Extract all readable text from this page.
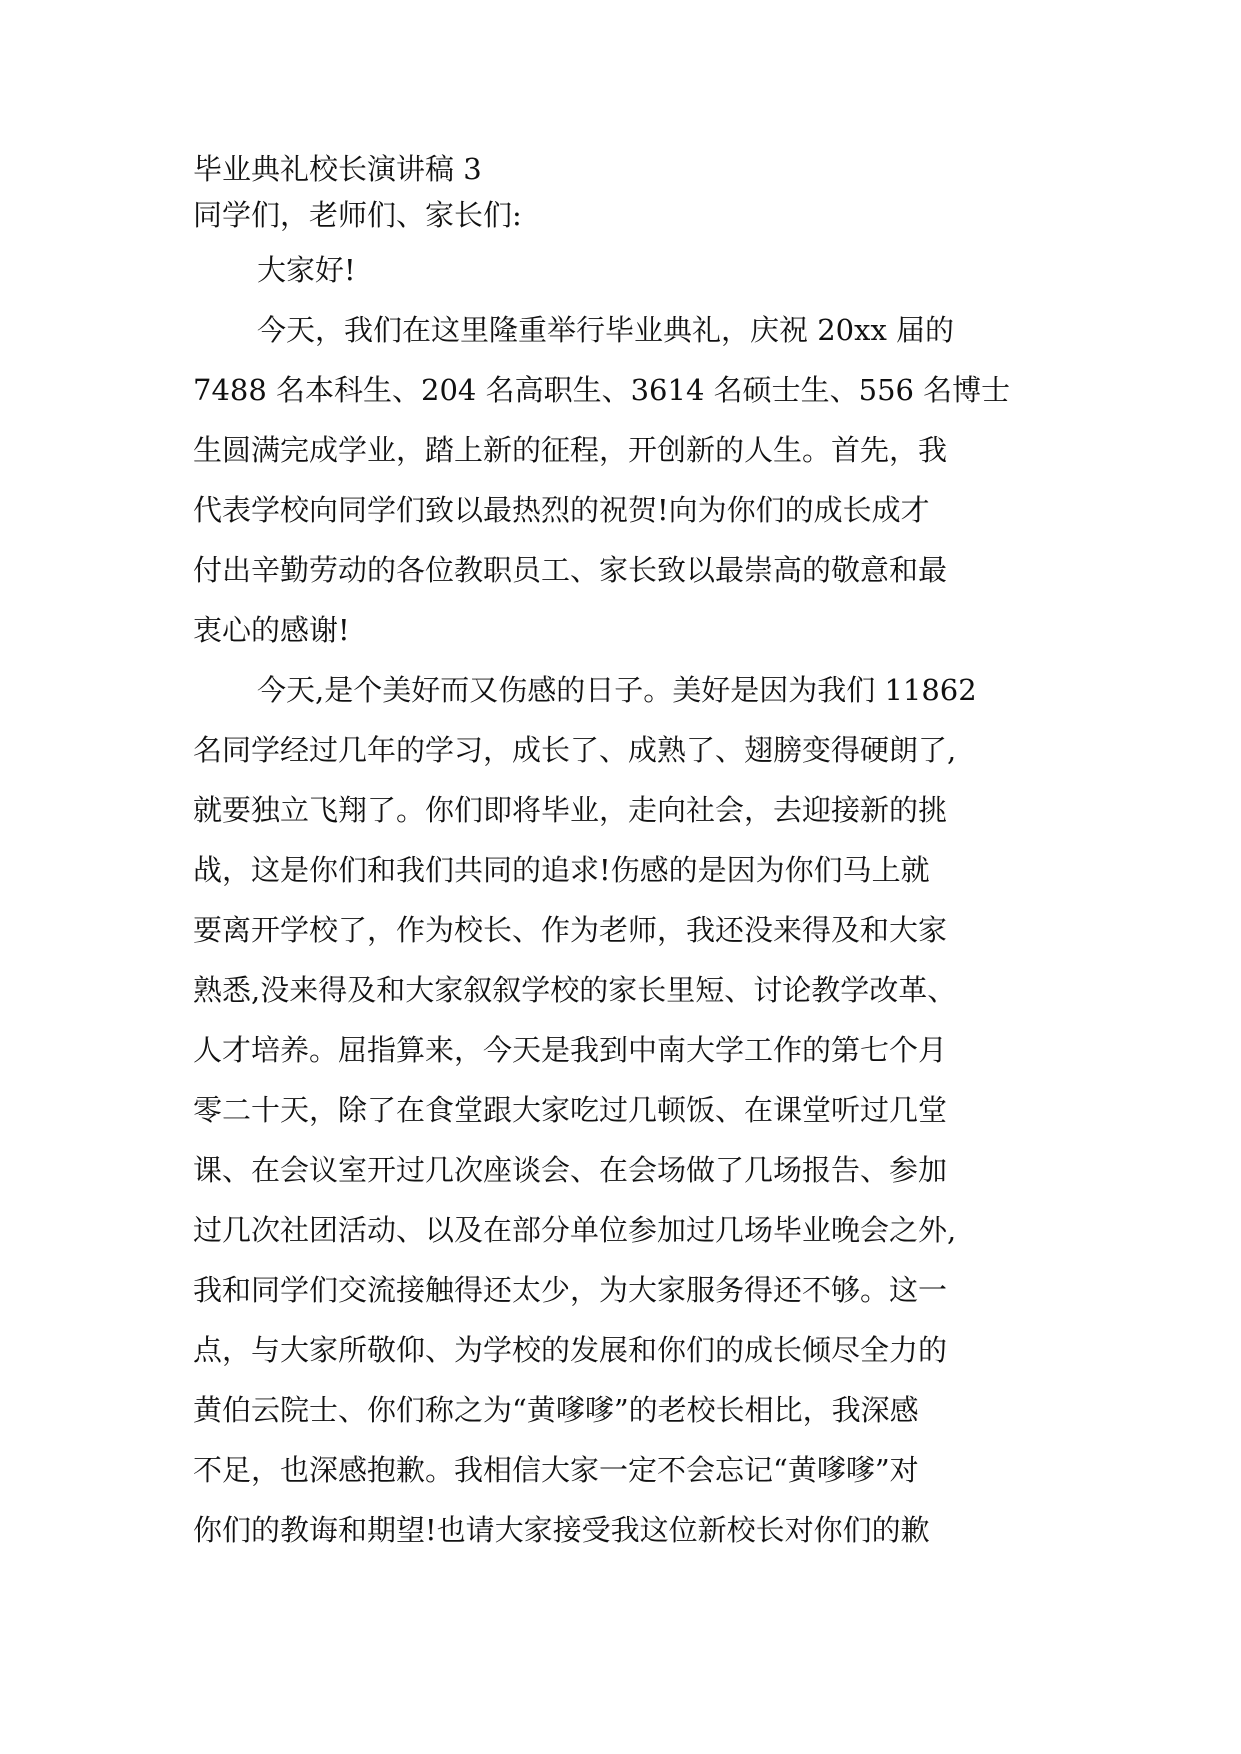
毕业典礼校长演讲稿 3

同学们，老师们、家长们:

大家好!

今天，我们在这里隆重举行毕业典礼，庆祝 20xx 届的

7488 名本科生、204 名高职生、3614 名硕士生、556 名博士

生圆满完成学业，踏上新的征程，开创新的人生。首先，我

代表学校向同学们致以最热烈的祝贺!向为你们的成长成才

付出辛勤劳动的各位教职员工、家长致以最崇高的敬意和最

衷心的感谢!

今天,是个美好而又伤感的日子。美好是因为我们 11862

名同学经过几年的学习，成长了、成熟了、翅膀变得硬朗了,

就要独立飞翔了。你们即将毕业，走向社会，去迎接新的挑

战，这是你们和我们共同的追求!伤感的是因为你们马上就

要离开学校了，作为校长、作为老师，我还没来得及和大家

熟悉,没来得及和大家叙叙学校的家长里短、讨论教学改革、

人才培养。屈指算来，今天是我到中南大学工作的第七个月

零二十天，除了在食堂跟大家吃过几顿饭、在课堂听过几堂

课、在会议室开过几次座谈会、在会场做了几场报告、参加

过几次社团活动、以及在部分单位参加过几场毕业晚会之外,

我和同学们交流接触得还太少，为大家服务得还不够。这一

点，与大家所敬仰、为学校的发展和你们的成长倾尽全力的

黄伯云院士、你们称之为“黄嗲嗲”的老校长相比，我深感

不足，也深感抱歉。我相信大家一定不会忘记“黄嗲嗲”对

你们的教诲和期望!也请大家接受我这位新校长对你们的歉
